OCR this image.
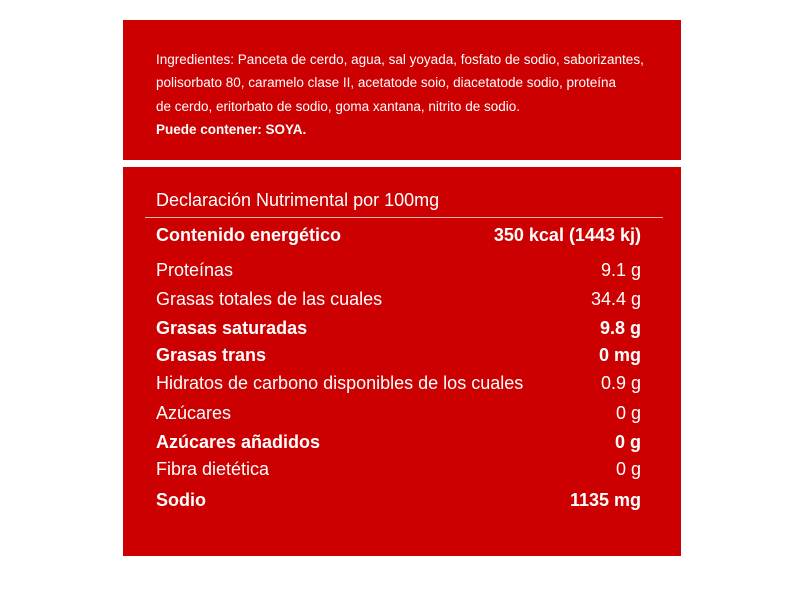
Ingredientes: Panceta de cerdo, agua, sal yoyada, fosfato de sodio, saborizantes,
polisorbato 80, caramelo clase II, acetatode soio, diacetatode sodio, proteína
de cerdo, eritorbato de sodio, goma xantana, nitrito de sodio.
Puede contener: SOYA.
Declaración Nutrimental por 100mg
Contenido energético	350 kcal (1443 kj)
Proteínas	9.1 g
Grasas totales de las cuales	34.4 g
Grasas saturadas	9.8 g
Grasas trans	0 mg
Hidratos de carbono disponibles de los cuales	0.9 g
Azúcares	0 g
Azúcares añadidos	0 g
Fibra dietética	0 g
Sodio	1135 mg
